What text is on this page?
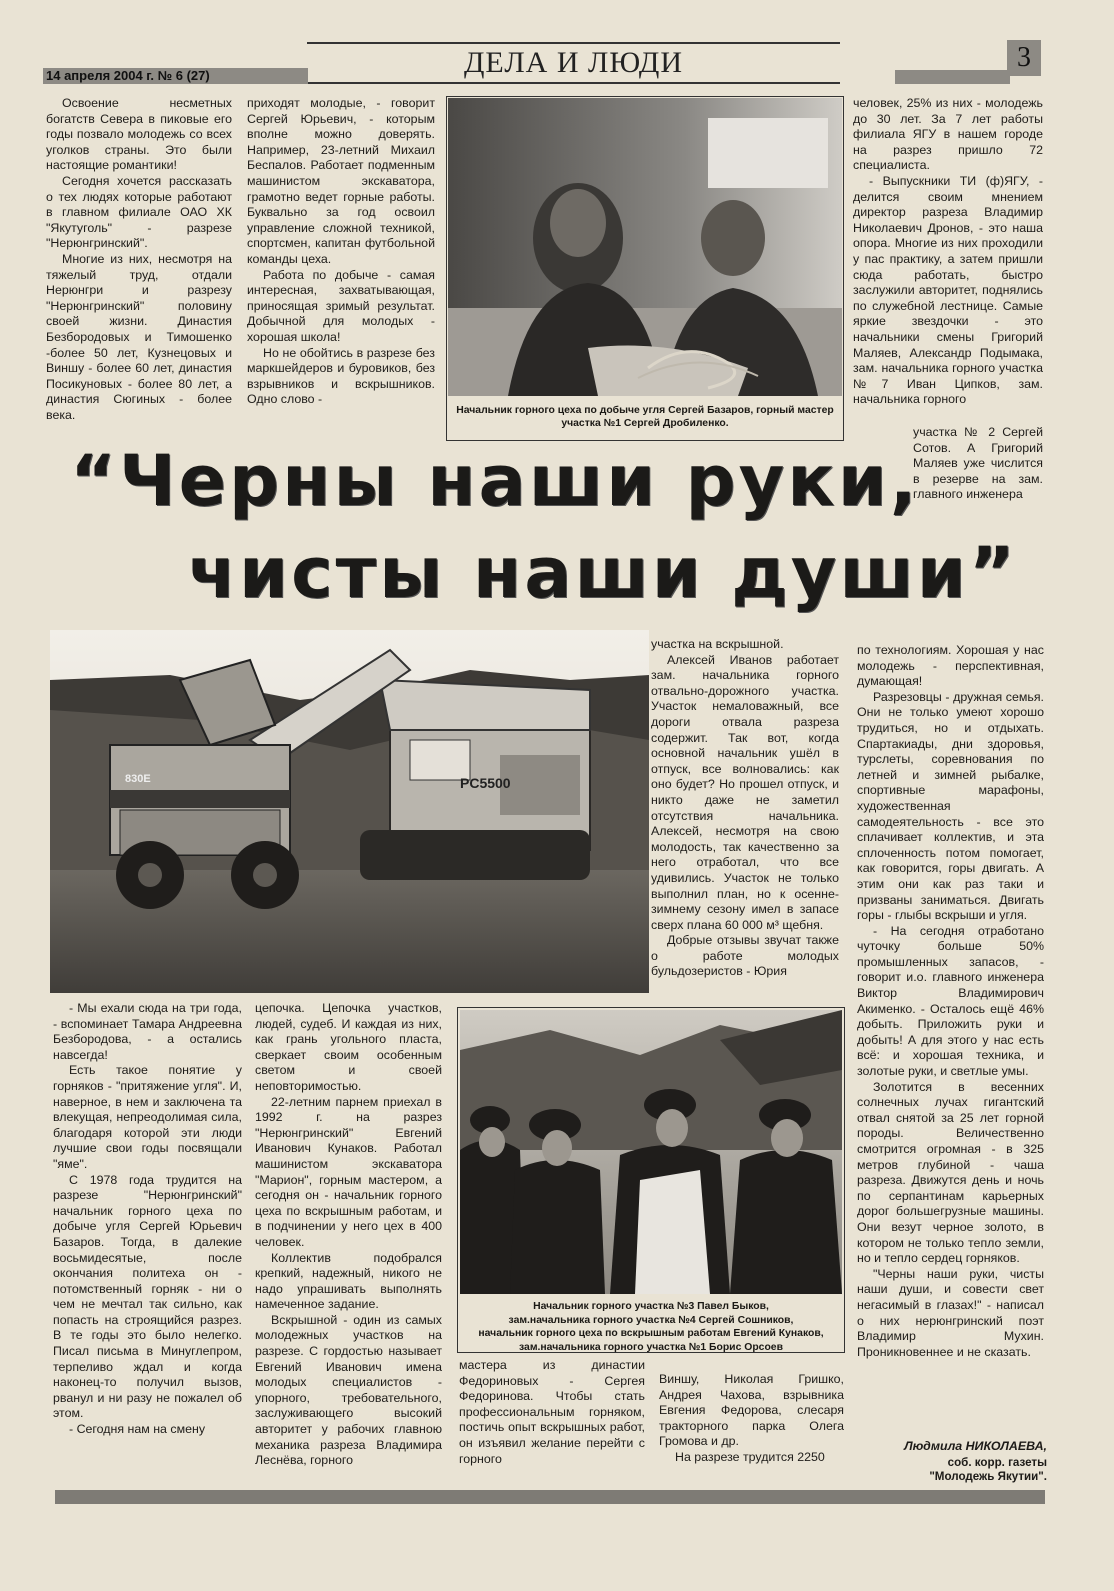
ДЕЛА И ЛЮДИ
14 апреля 2004 г. № 6 (27)
3

Освоение несметных богатств Севера в пиковые его годы позвало молодежь со всех уголков страны. Это были настоящие романтики!

Сегодня хочется рассказать о тех людях которые работают в главном филиале ОАО ХК "Якутуголь" - разрезе "Нерюнгринский".

Многие из них, несмотря на тяжелый труд, отдали Нерюнгри и разрезу "Нерюнгринский" половину своей жизни. Династия Безбородовых и Тимошенко -более 50 лет, Кузнецовых и Виншу - более 60 лет, династия Посикуновых - более 80 лет, а династия Сюгиных - более века.

приходят молодые, - говорит Сергей Юрьевич, - которым вполне можно доверять. Например, 23-летний Михаил Беспалов. Работает подменным машинистом экскаватора, грамотно ведет горные работы. Буквально за год освоил управление сложной техникой, спортсмен, капитан футбольной команды цеха.

Работа по добыче - самая интересная, захватывающая, приносящая зримый результат. Добычной для молодых - хорошая школа!

Но не обойтись в разрезе без маркшейдеров и буровиков, без взрывников и вскрышников. Одно слово -

Начальник горного цеха по добыче угля Сергей Базаров, горный мастер участка №1 Сергей Дробиленко.

человек, 25% из них - молодежь до 30 лет. За 7 лет работы филиала ЯГУ в нашем городе на разрез пришло 72 специалиста.

- Выпускники ТИ (ф)ЯГУ, - делится своим мнением директор разреза Владимир Николаевич Дронов, - это наша опора. Многие из них проходили у пас практику, а затем пришли сюда работать, быстро заслужили авторитет, поднялись по служебной лестнице. Самые яркие звездочки - это начальники смены Григорий Маляев, Александр Подымака, зам. начальника горного участка №7 Иван Ципков, зам. начальника горного

участка № 2 Сергей Сотов. А Григорий Маляев уже числится в резерве на зам. главного инженера

“Черны наши руки,
чисты наши души”
PC5500
830E

участка на вскрышной.

Алексей Иванов работает зам. начальника горного отвально-дорожного участка. Участок немаловажный, все дороги отвала разреза содержит. Так вот, когда основной начальник ушёл в отпуск, все волновались: как оно будет? Но прошел отпуск, и никто даже не заметил отсутствия начальника. Алексей, несмотря на свою молодость, так качественно за него отработал, что все удивились. Участок не только выполнил план, но к осенне-зимнему сезону имел в запасе сверх плана 60 000 м³ щебня.

Добрые отзывы звучат также о работе молодых бульдозеристов - Юрия

по технологиям. Хорошая у нас молодежь - перспективная, думающая!

Разрезовцы - дружная семья. Они не только умеют хорошо трудиться, но и отдыхать. Спартакиады, дни здоровья, турслеты, соревнования по летней и зимней рыбалке, спортивные марафоны, художественная самодеятельность - все это сплачивает коллектив, и эта сплоченность потом помогает, как говорится, горы двигать. А этим они как раз таки и призваны заниматься. Двигать горы - глыбы вскрыши и угля.

- На сегодня отработано чуточку больше 50% промышленных запасов, - говорит и.о. главного инженера Виктор Владимирович Акименко. - Осталось ещё 46% добыть. Приложить руки и добыть! А для этого у нас есть всё: и хорошая техника, и золотые руки, и светлые умы.

Золотится в весенних солнечных лучах гигантский отвал снятой за 25 лет горной породы. Величественно смотрится огромная - в 325 метров глубиной - чаша разреза. Движутся день и ночь по серпантинам карьерных дорог большегрузные машины. Они везут черное золото, в котором не только тепло земли, но и тепло сердец горняков.

"Черны наши руки, чисты наши души, и совести свет негасимый в глазах!" - написал о них нерюнгринский поэт Владимир Мухин. Проникновеннее и не сказать.

- Мы ехали сюда на три года, - вспоминает Тамара Андреевна Безбородова, - а остались навсегда!

Есть такое понятие у горняков - "притяжение угля". И, наверное, в нем и заключена та влекущая, непреодолимая сила, благодаря которой эти люди лучшие свои годы посвящали "яме".

С 1978 года трудится на разрезе "Нерюнгринский" начальник горного цеха по добыче угля Сергей Юрьевич Базаров. Тогда, в далекие восьмидесятые, после окончания политеха он - потомственный горняк - ни о чем не мечтал так сильно, как попасть на строящийся разрез. В те годы это было нелегко. Писал письма в Минуглепром, терпеливо ждал и когда наконец-то получил вызов, рванул и ни разу не пожалел об этом.

- Сегодня нам на смену

цепочка. Цепочка участков, людей, судеб. И каждая из них, как грань угольного пласта, сверкает своим особенным светом и своей неповторимостью.

22-летним парнем приехал в 1992 г. на разрез "Нерюнгринский" Евгений Иванович Кунаков. Работал машинистом экскаватора "Марион", горным мастером, а сегодня он - начальник горного цеха по вскрышным работам, и в подчинении у него цех в 400 человек.

Коллектив подобрался крепкий, надежный, никого не надо упрашивать выполнять намеченное задание.

Вскрышной - один из самых молодежных участков на разрезе. С гордостью называет Евгений Иванович имена молодых специалистов - упорного, требовательного, заслуживающего высокий авторитет у рабочих главною механика разреза Владимира Леснёва, горного

Начальник горного участка №3 Павел Быков,
зам.начальника горного участка №4 Сергей Сошников,
начальник горного цеха по вскрышным работам Евгений Кунаков,
зам.начальника горного участка №1 Борис Орсоев

мастера из династии Федориновых - Сергея Федоринова. Чтобы стать профессиональным горняком, постичь опыт вскрышных работ, он изъявил желание перейти с горного

Виншу, Николая Гришко, Андрея Чахова, взрывника Евгения Федорова, слесаря тракторного парка Олега Громова и др.

На разрезе трудится 2250

Людмила НИКОЛАЕВА,
соб. корр. газеты
"Молодежь Якутии".
